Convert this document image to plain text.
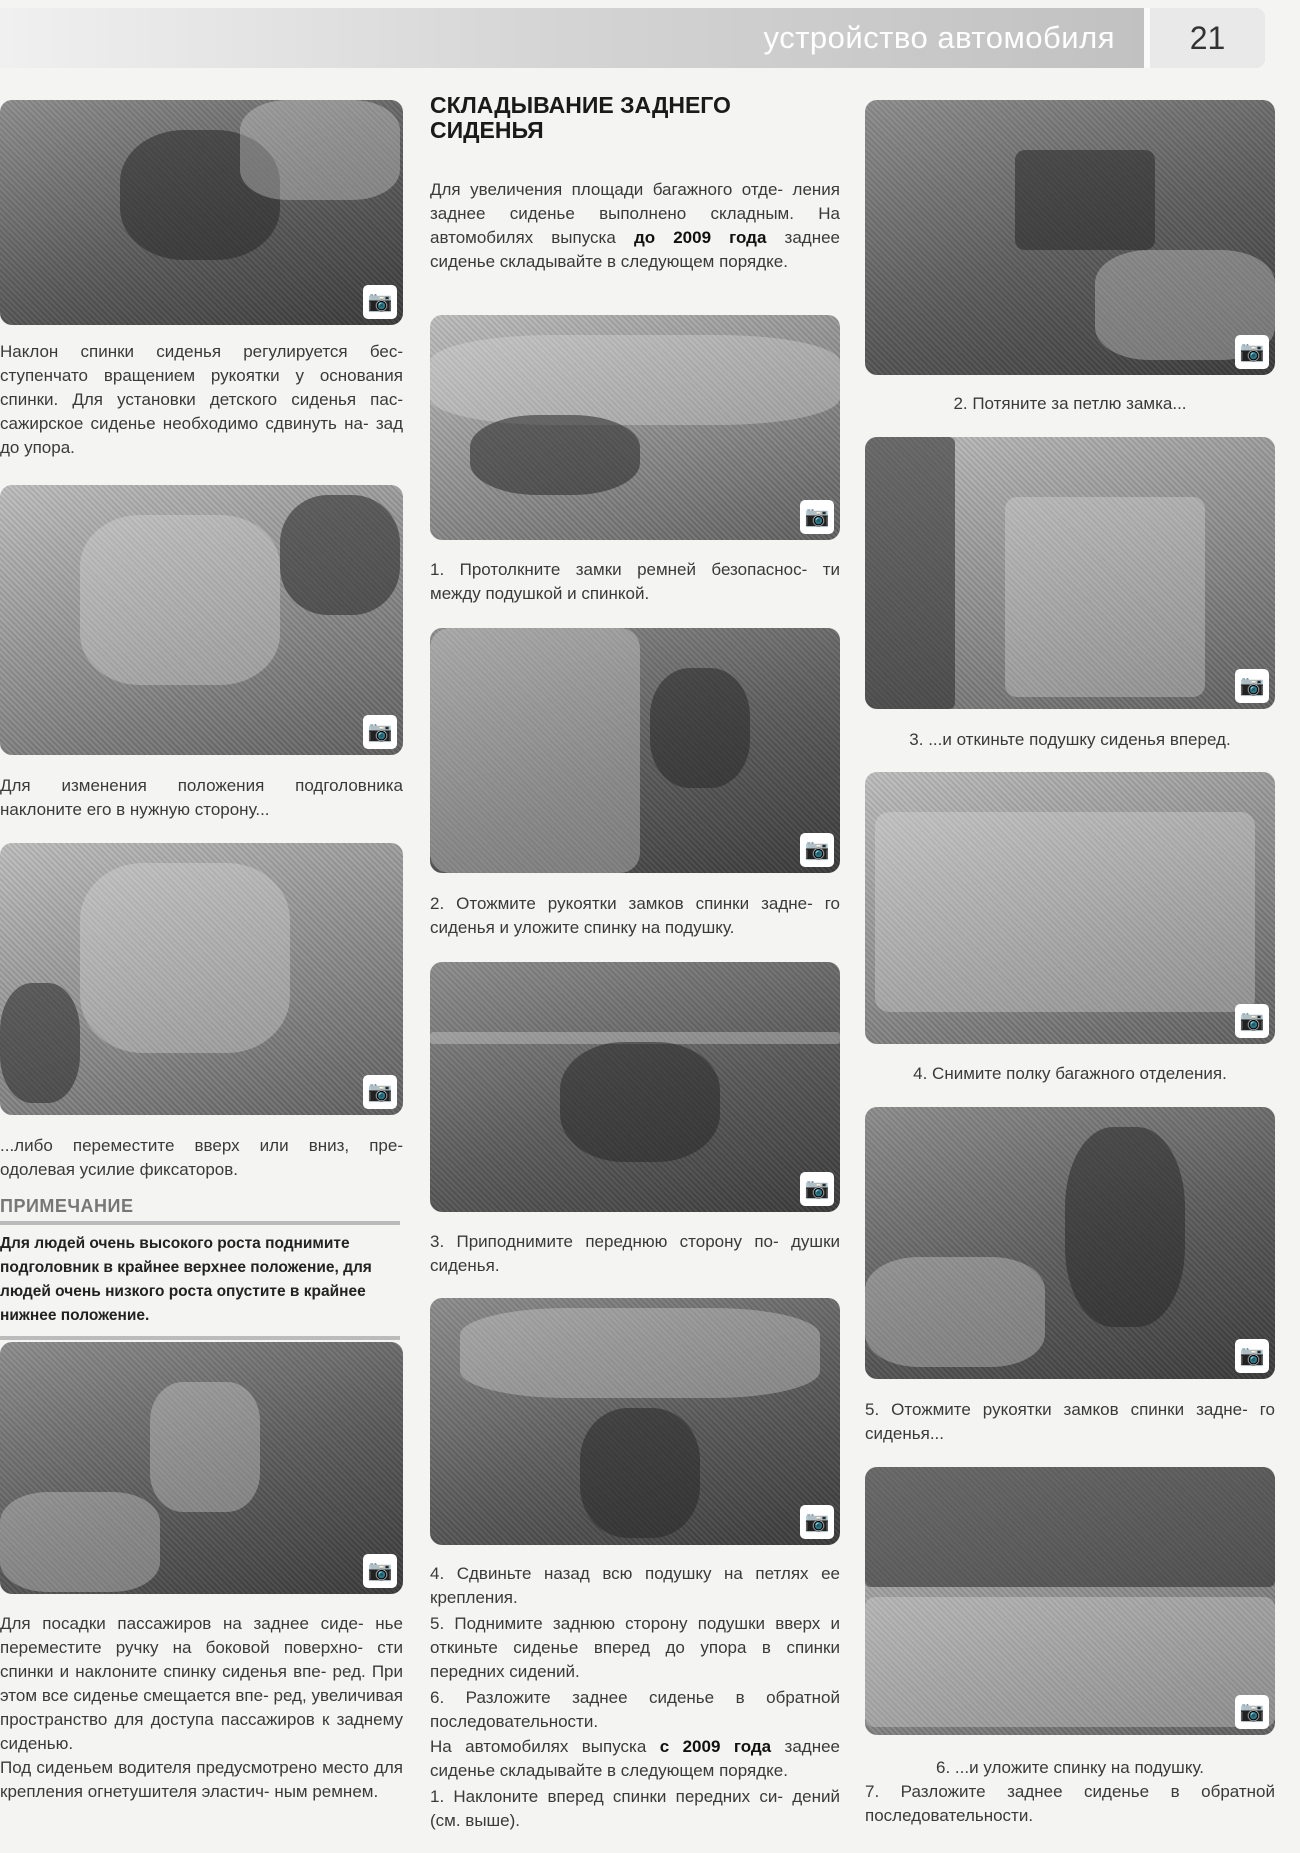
устройство автомобиля	21
📷

Наклон спинки сиденья регулируется бес- ступенчато вращением рукоятки у основания спинки. Для установки детского сиденья пас- сажирское сиденье необходимо сдвинуть на- зад до упора.

📷

Для изменения положения подголовника наклоните его в нужную сторону...

📷

...либо переместите вверх или вниз, пре- одолевая усилие фиксаторов.

ПРИМЕЧАНИЕ

Для людей очень высокого роста поднимите подголовник в крайнее верхнее положение, для людей очень низкого роста опустите в крайнее нижнее положение.

📷

Для посадки пассажиров на заднее сиде- нье переместите ручку на боковой поверхно- сти спинки и наклоните спинку сиденья впе- ред. При этом все сиденье смещается впе- ред, увеличивая пространство для доступа пассажиров к заднему сиденью.

Под сиденьем водителя предусмотрено место для крепления огнетушителя эластич- ным ремнем.

СКЛАДЫВАНИЕ ЗАДНЕГО СИДЕНЬЯ

Для увеличения площади багажного отде- ления заднее сиденье выполнено складным. На автомобилях выпуска до 2009 года заднее сиденье складывайте в следующем порядке.

📷

1. Протолкните замки ремней безопаснос- ти между подушкой и спинкой.

📷

2. Отожмите рукоятки замков спинки задне- го сиденья и уложите спинку на подушку.

📷

3. Приподнимите переднюю сторону по- душки сиденья.

📷

4. Сдвиньте назад всю подушку на петлях ее крепления.

5. Поднимите заднюю сторону подушки вверх и откиньте сиденье вперед до упора в спинки передних сидений.

6. Разложите заднее сиденье в обратной последовательности.

На автомобилях выпуска с 2009 года заднее сиденье складывайте в следующем порядке.

1. Наклоните вперед спинки передних си- дений (см. выше).

📷

2. Потяните за петлю замка...

📷

3. ...и откиньте подушку сиденья вперед.

📷

4. Снимите полку багажного отделения.

📷

5. Отожмите рукоятки замков спинки задне- го сиденья...

📷

6. ...и уложите спинку на подушку.

7. Разложите заднее сиденье в обратной последовательности.
